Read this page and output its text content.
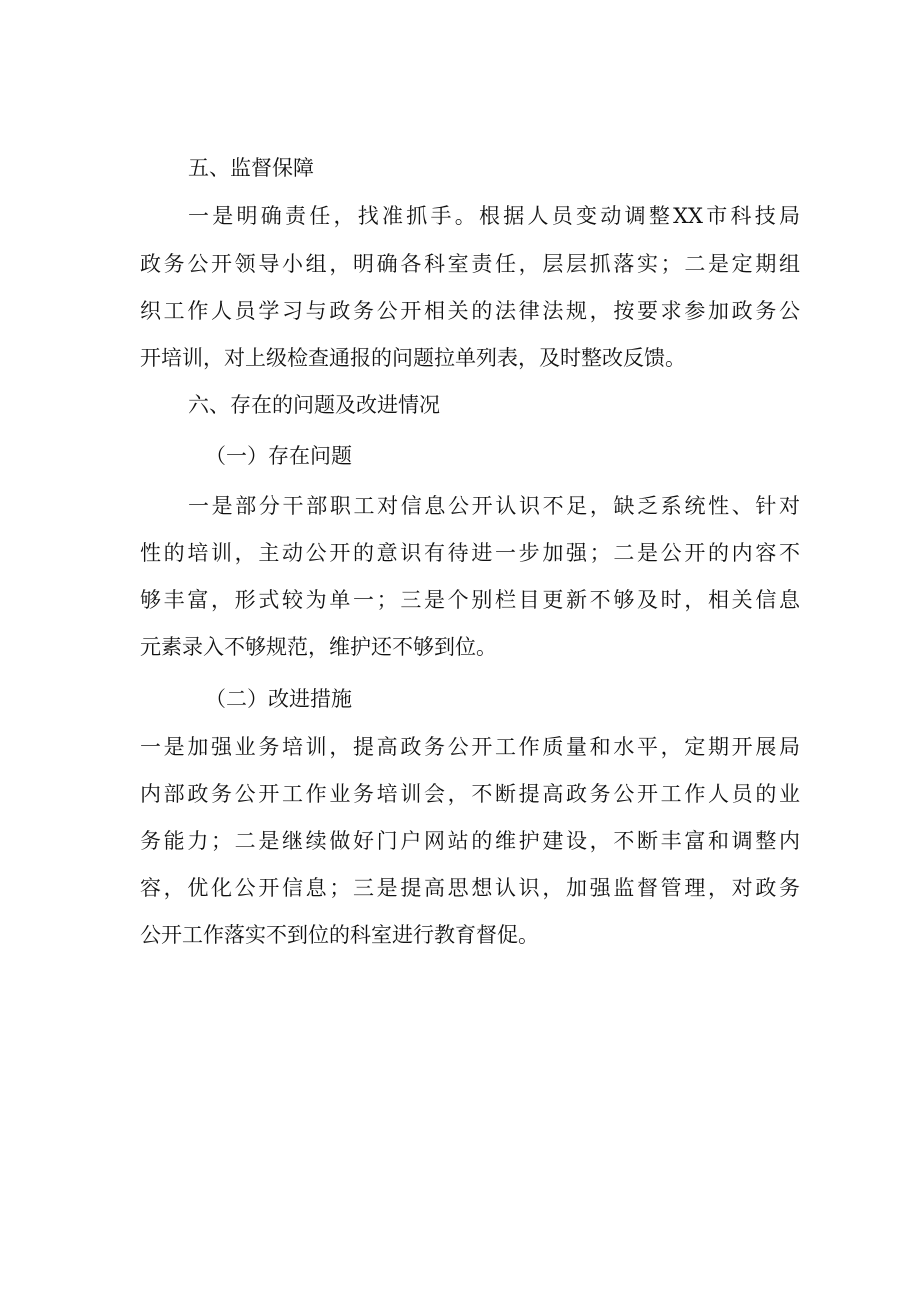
五、监督保障
一是明确责任，找准抓手。根据人员变动调整XX市科技局
政务公开领导小组，明确各科室责任，层层抓落实；二是定期组
织工作人员学习与政务公开相关的法律法规，按要求参加政务公
开培训，对上级检查通报的问题拉单列表，及时整改反馈。
六、存在的问题及改进情况
（一）存在问题
一是部分干部职工对信息公开认识不足，缺乏系统性、针对
性的培训，主动公开的意识有待进一步加强；二是公开的内容不
够丰富，形式较为单一；三是个别栏目更新不够及时，相关信息
元素录入不够规范，维护还不够到位。
（二）改进措施
一是加强业务培训，提高政务公开工作质量和水平，定期开展局
内部政务公开工作业务培训会，不断提高政务公开工作人员的业
务能力；二是继续做好门户网站的维护建设，不断丰富和调整内
容，优化公开信息；三是提高思想认识，加强监督管理，对政务
公开工作落实不到位的科室进行教育督促。
